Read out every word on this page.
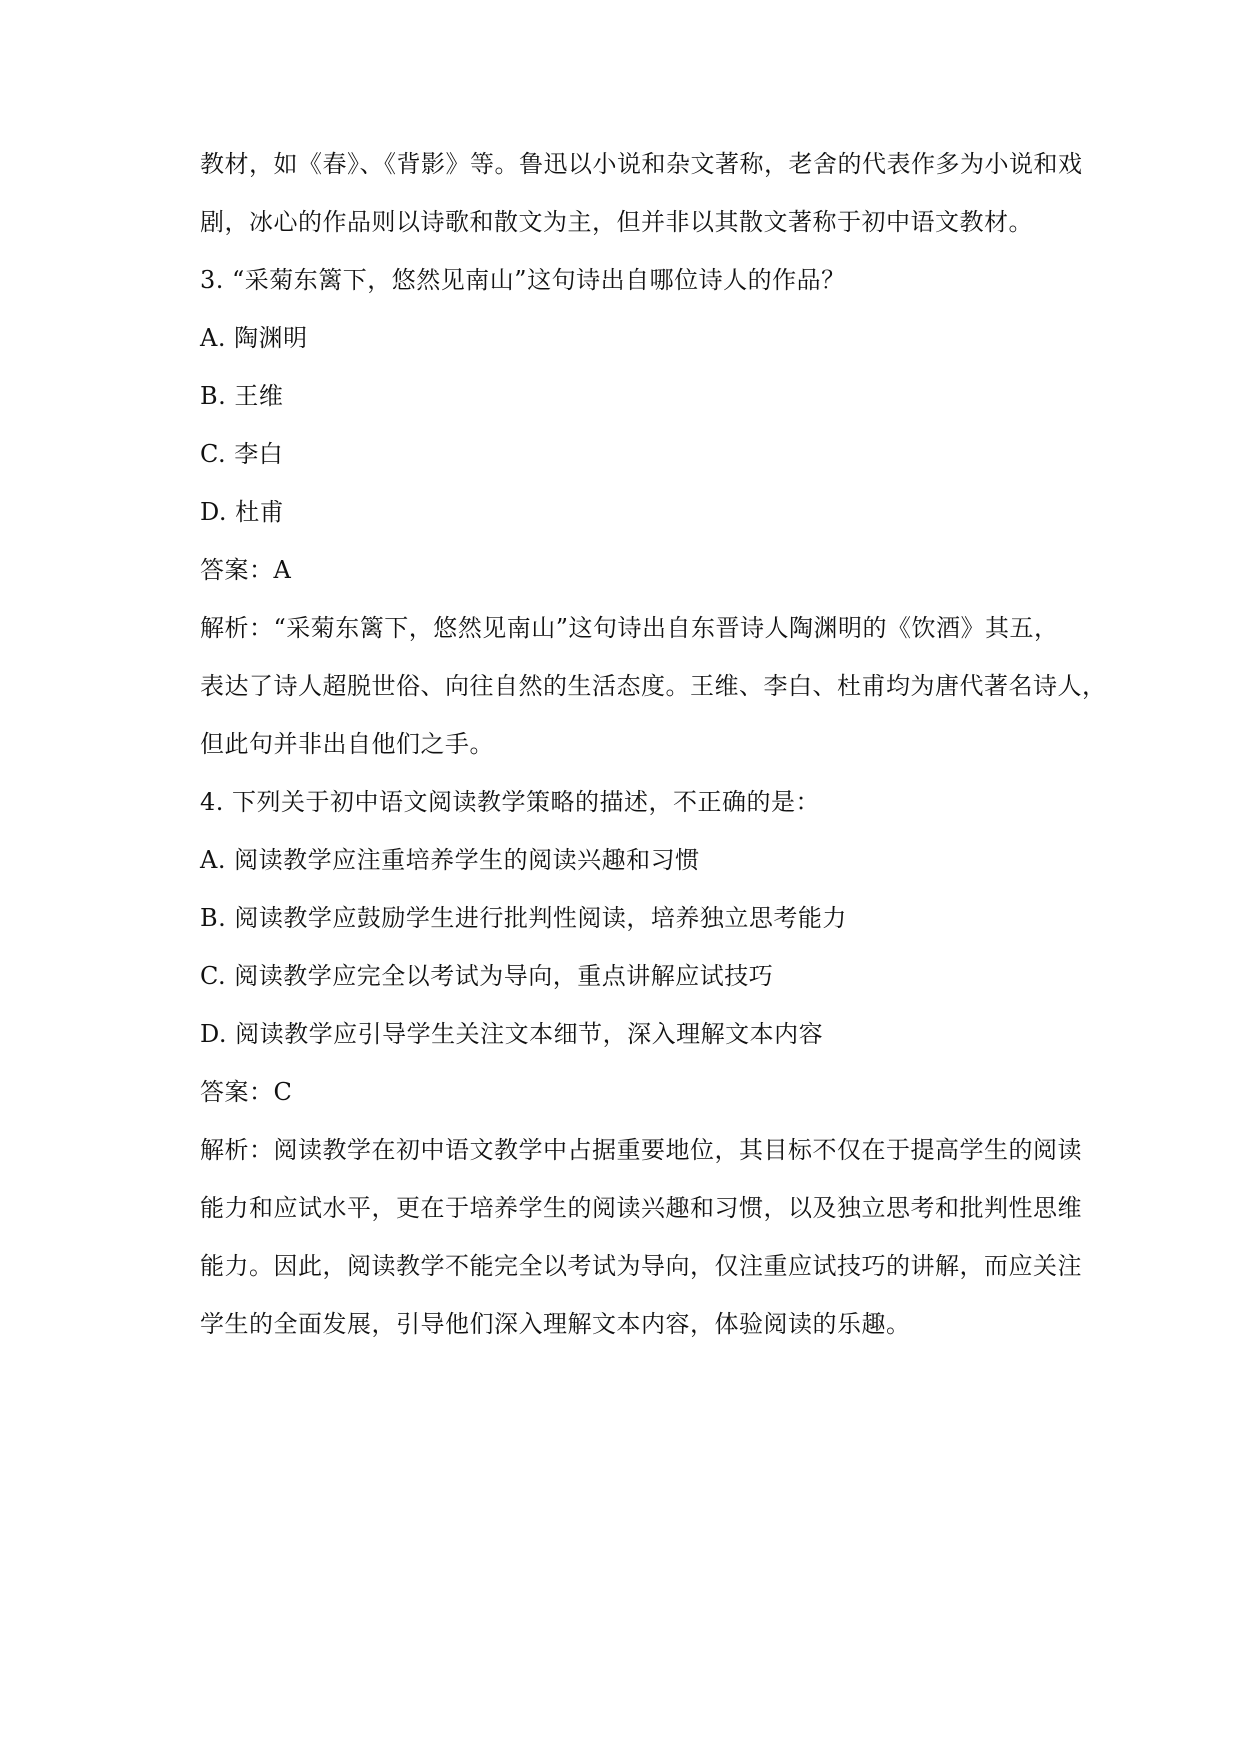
教材，如《春》、《背影》等。鲁迅以小说和杂文著称，老舍的代表作多为小说和戏
剧，冰心的作品则以诗歌和散文为主，但并非以其散文著称于初中语文教材。
3. “采菊东篱下，悠然见南山”这句诗出自哪位诗人的作品？
A. 陶渊明
B. 王维
C. 李白
D. 杜甫
答案：A
解析：“采菊东篱下，悠然见南山”这句诗出自东晋诗人陶渊明的《饮酒》其五，
表达了诗人超脱世俗、向往自然的生活态度。王维、李白、杜甫均为唐代著名诗人，
但此句并非出自他们之手。
4. 下列关于初中语文阅读教学策略的描述，不正确的是：
A. 阅读教学应注重培养学生的阅读兴趣和习惯
B. 阅读教学应鼓励学生进行批判性阅读，培养独立思考能力
C. 阅读教学应完全以考试为导向，重点讲解应试技巧
D. 阅读教学应引导学生关注文本细节，深入理解文本内容
答案：C
解析：阅读教学在初中语文教学中占据重要地位，其目标不仅在于提高学生的阅读
能力和应试水平，更在于培养学生的阅读兴趣和习惯，以及独立思考和批判性思维
能力。因此，阅读教学不能完全以考试为导向，仅注重应试技巧的讲解，而应关注
学生的全面发展，引导他们深入理解文本内容，体验阅读的乐趣。
